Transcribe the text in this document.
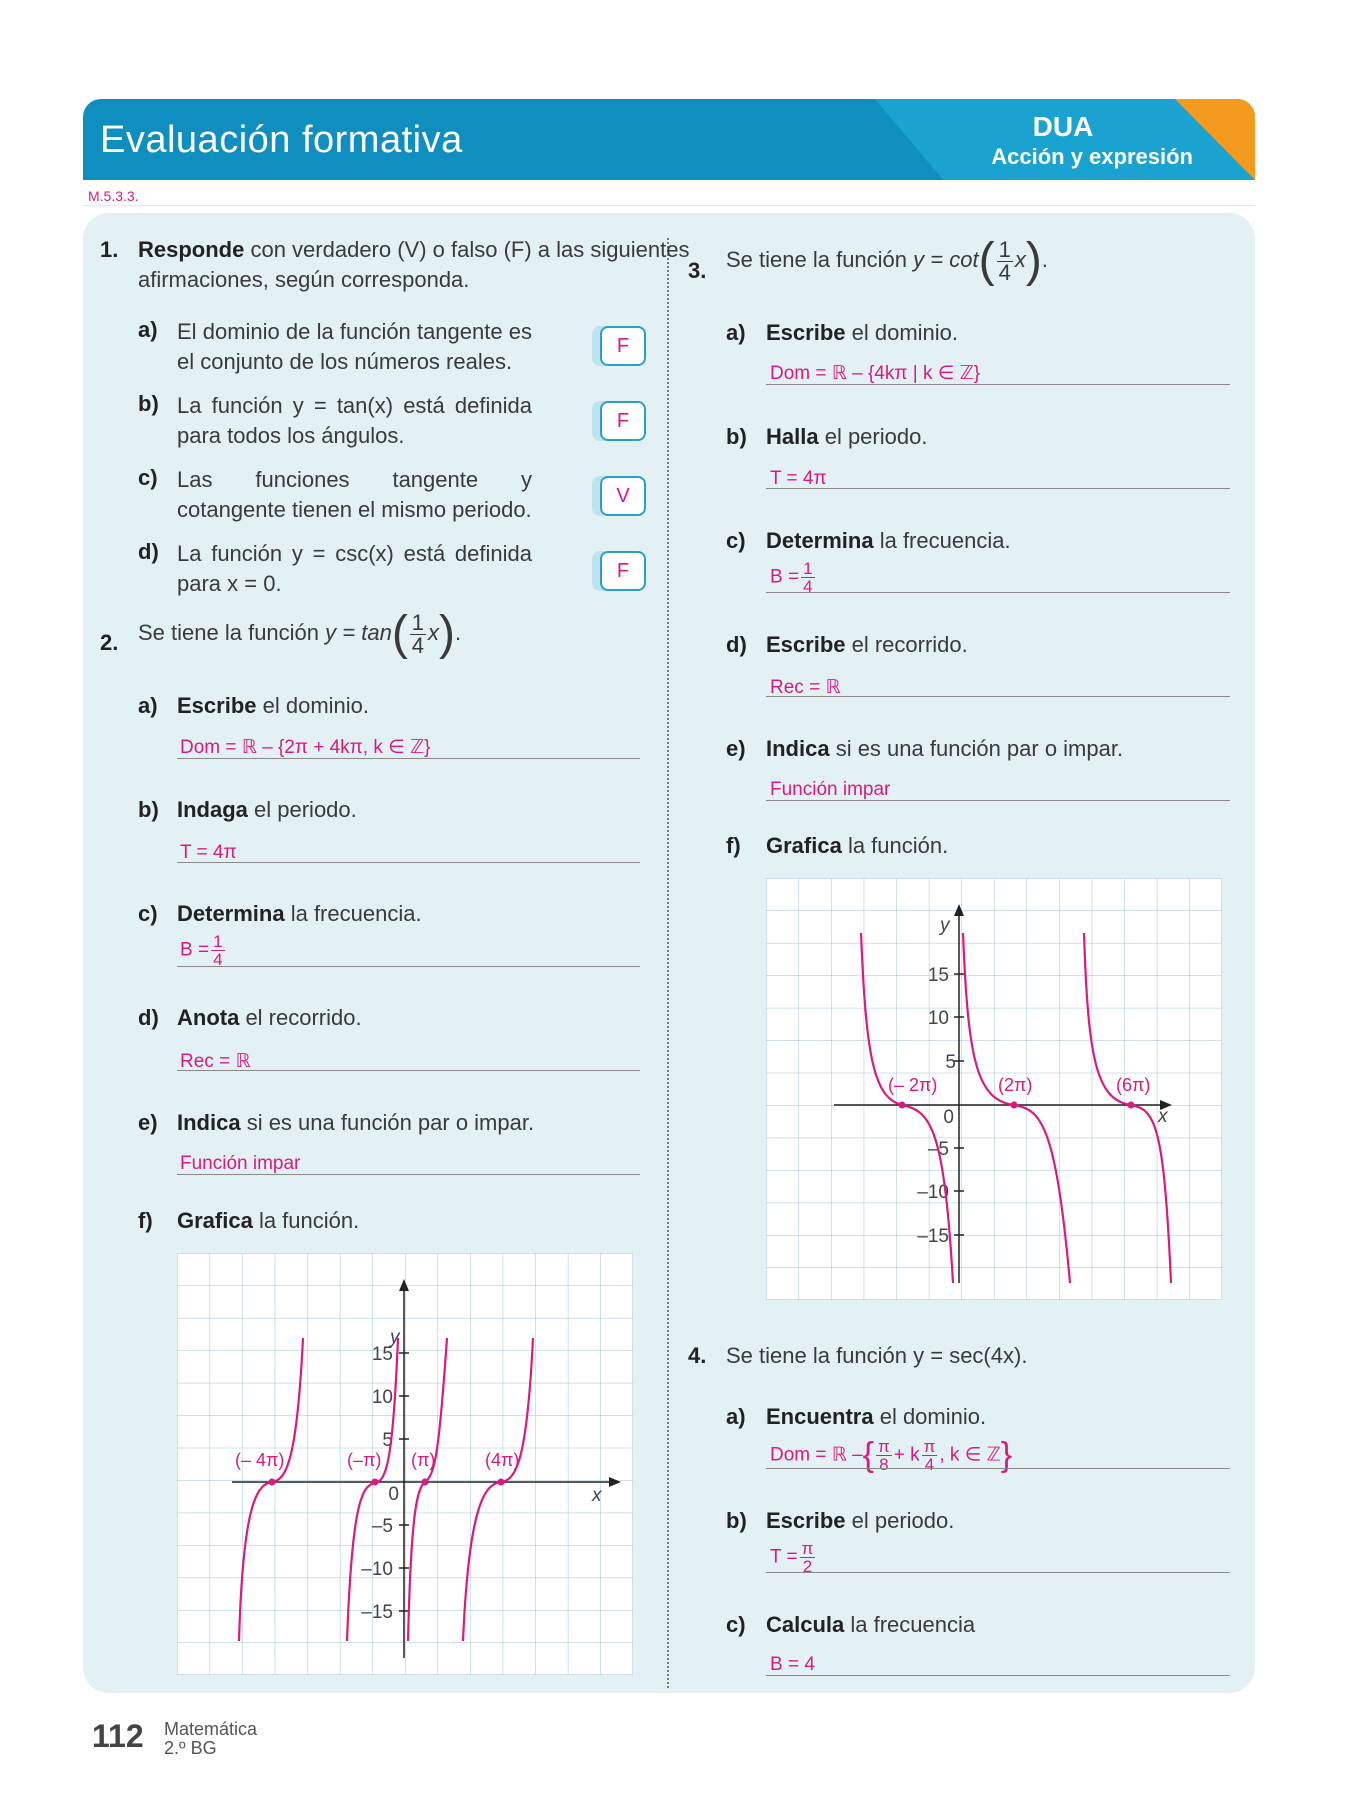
Evaluación formativa	DUA
Acción y expresión
M.5.3.3.
1. Responde con verdadero (V) o falso (F) a las siguientes
afirmaciones, según corresponda.
a) El dominio de la función tangente es el conjunto de los números reales.
F
b) La función y = tan(x) está definida para todos los ángulos.
F
c) Las funciones tangente y cotangente tienen el mismo periodo.
V
d) La función y = csc(x) está definida para x = 0.	F
2. Se tiene la función $y = \tan( \frac{1}{4} x)$.
a) Escribe el dominio.
Dom = ℝ – {2π + 4kπ, k ∈ ℤ}
b) Indaga el periodo.
T = 4π
c) Determina la frecuencia.
$B = \frac{1}{4}$
d) Anota el recorrido.
Rec = ℝ
e) Indica si es una función par o impar.
Función impar
f) Grafica la función.
y
x
15
10
5
0
–5
–10
–15
(– 4π)	(–π) (π)	(4π)
3. Se tiene la función $y = \cot( \frac{1}{4} x)$.
a) Escribe el dominio.
Dom = ℝ – {4kπ | k ∈ ℤ}
b) Halla el periodo.
T = 4π
c) Determina la frecuencia.
$B = \frac{1}{4}$
d) Escribe el recorrido.
Rec = ℝ
e) Indica si es una función par o impar.
Función impar
f) Grafica la función.
y
x
15
10
5
0
–5
–10
–15
(– 2π)	(2π)	(6π)
4. Se tiene la función y = sec(4x).
a) Encuentra el dominio.
Dom = ℝ –{ $\frac{\pi}{8} + k \frac{\pi}{4}$ , k ∈ ℤ}
b) Escribe el periodo.
$T = \frac{\pi}{2}$
c) Calcula la frecuencia
B = 4
112 Matemática
2.º BG
